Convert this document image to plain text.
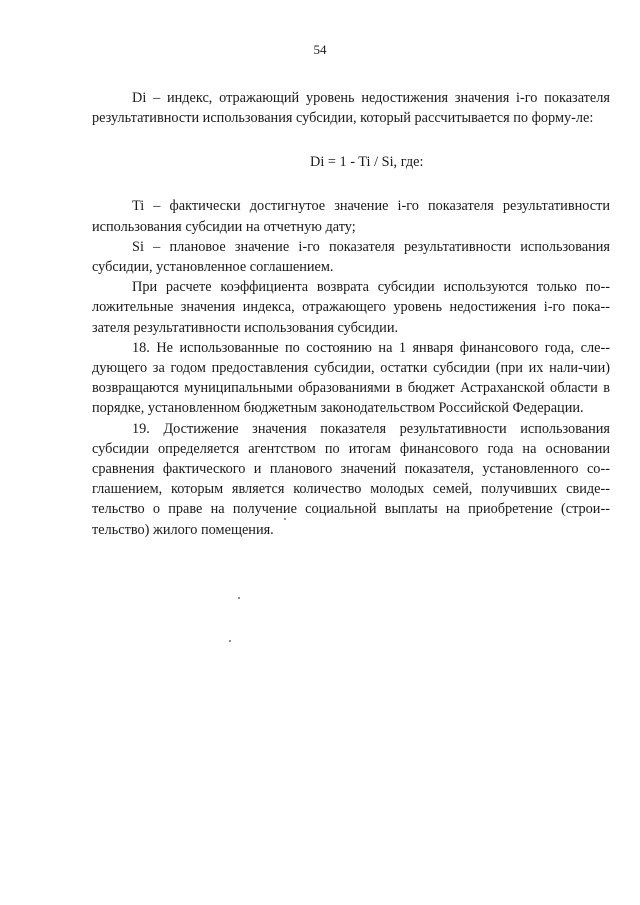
54

Di – индекс, отражающий уровень недостижения значения i-го показателя результативности использования субсидии, который рассчитывается по форму-ле:

Di = 1 - Ti / Si, где:

Ti – фактически достигнутое значение i-го показателя результативности использования субсидии на отчетную дату;

Si – плановое значение i-го показателя результативности использования субсидии, установленное соглашением.

При расчете коэффициента возврата субсидии используются только по-ложительные значения индекса, отражающего уровень недостижения i-го пока-зателя результативности использования субсидии.

18. Не использованные по состоянию на 1 января финансового года, сле-дующего за годом предоставления субсидии, остатки субсидии (при их нали-чии) возвращаются муниципальными образованиями в бюджет Астраханской области в порядке, установленном бюджетным законодательством Российской Федерации.

19. Достижение значения показателя результативности использования субсидии определяется агентством по итогам финансового года на основании сравнения фактического и планового значений показателя, установленного со-глашением, которым является количество молодых семей, получивших свиде-тельство о праве на получение социальной выплаты на приобретение (строи-тельство) жилого помещения.
